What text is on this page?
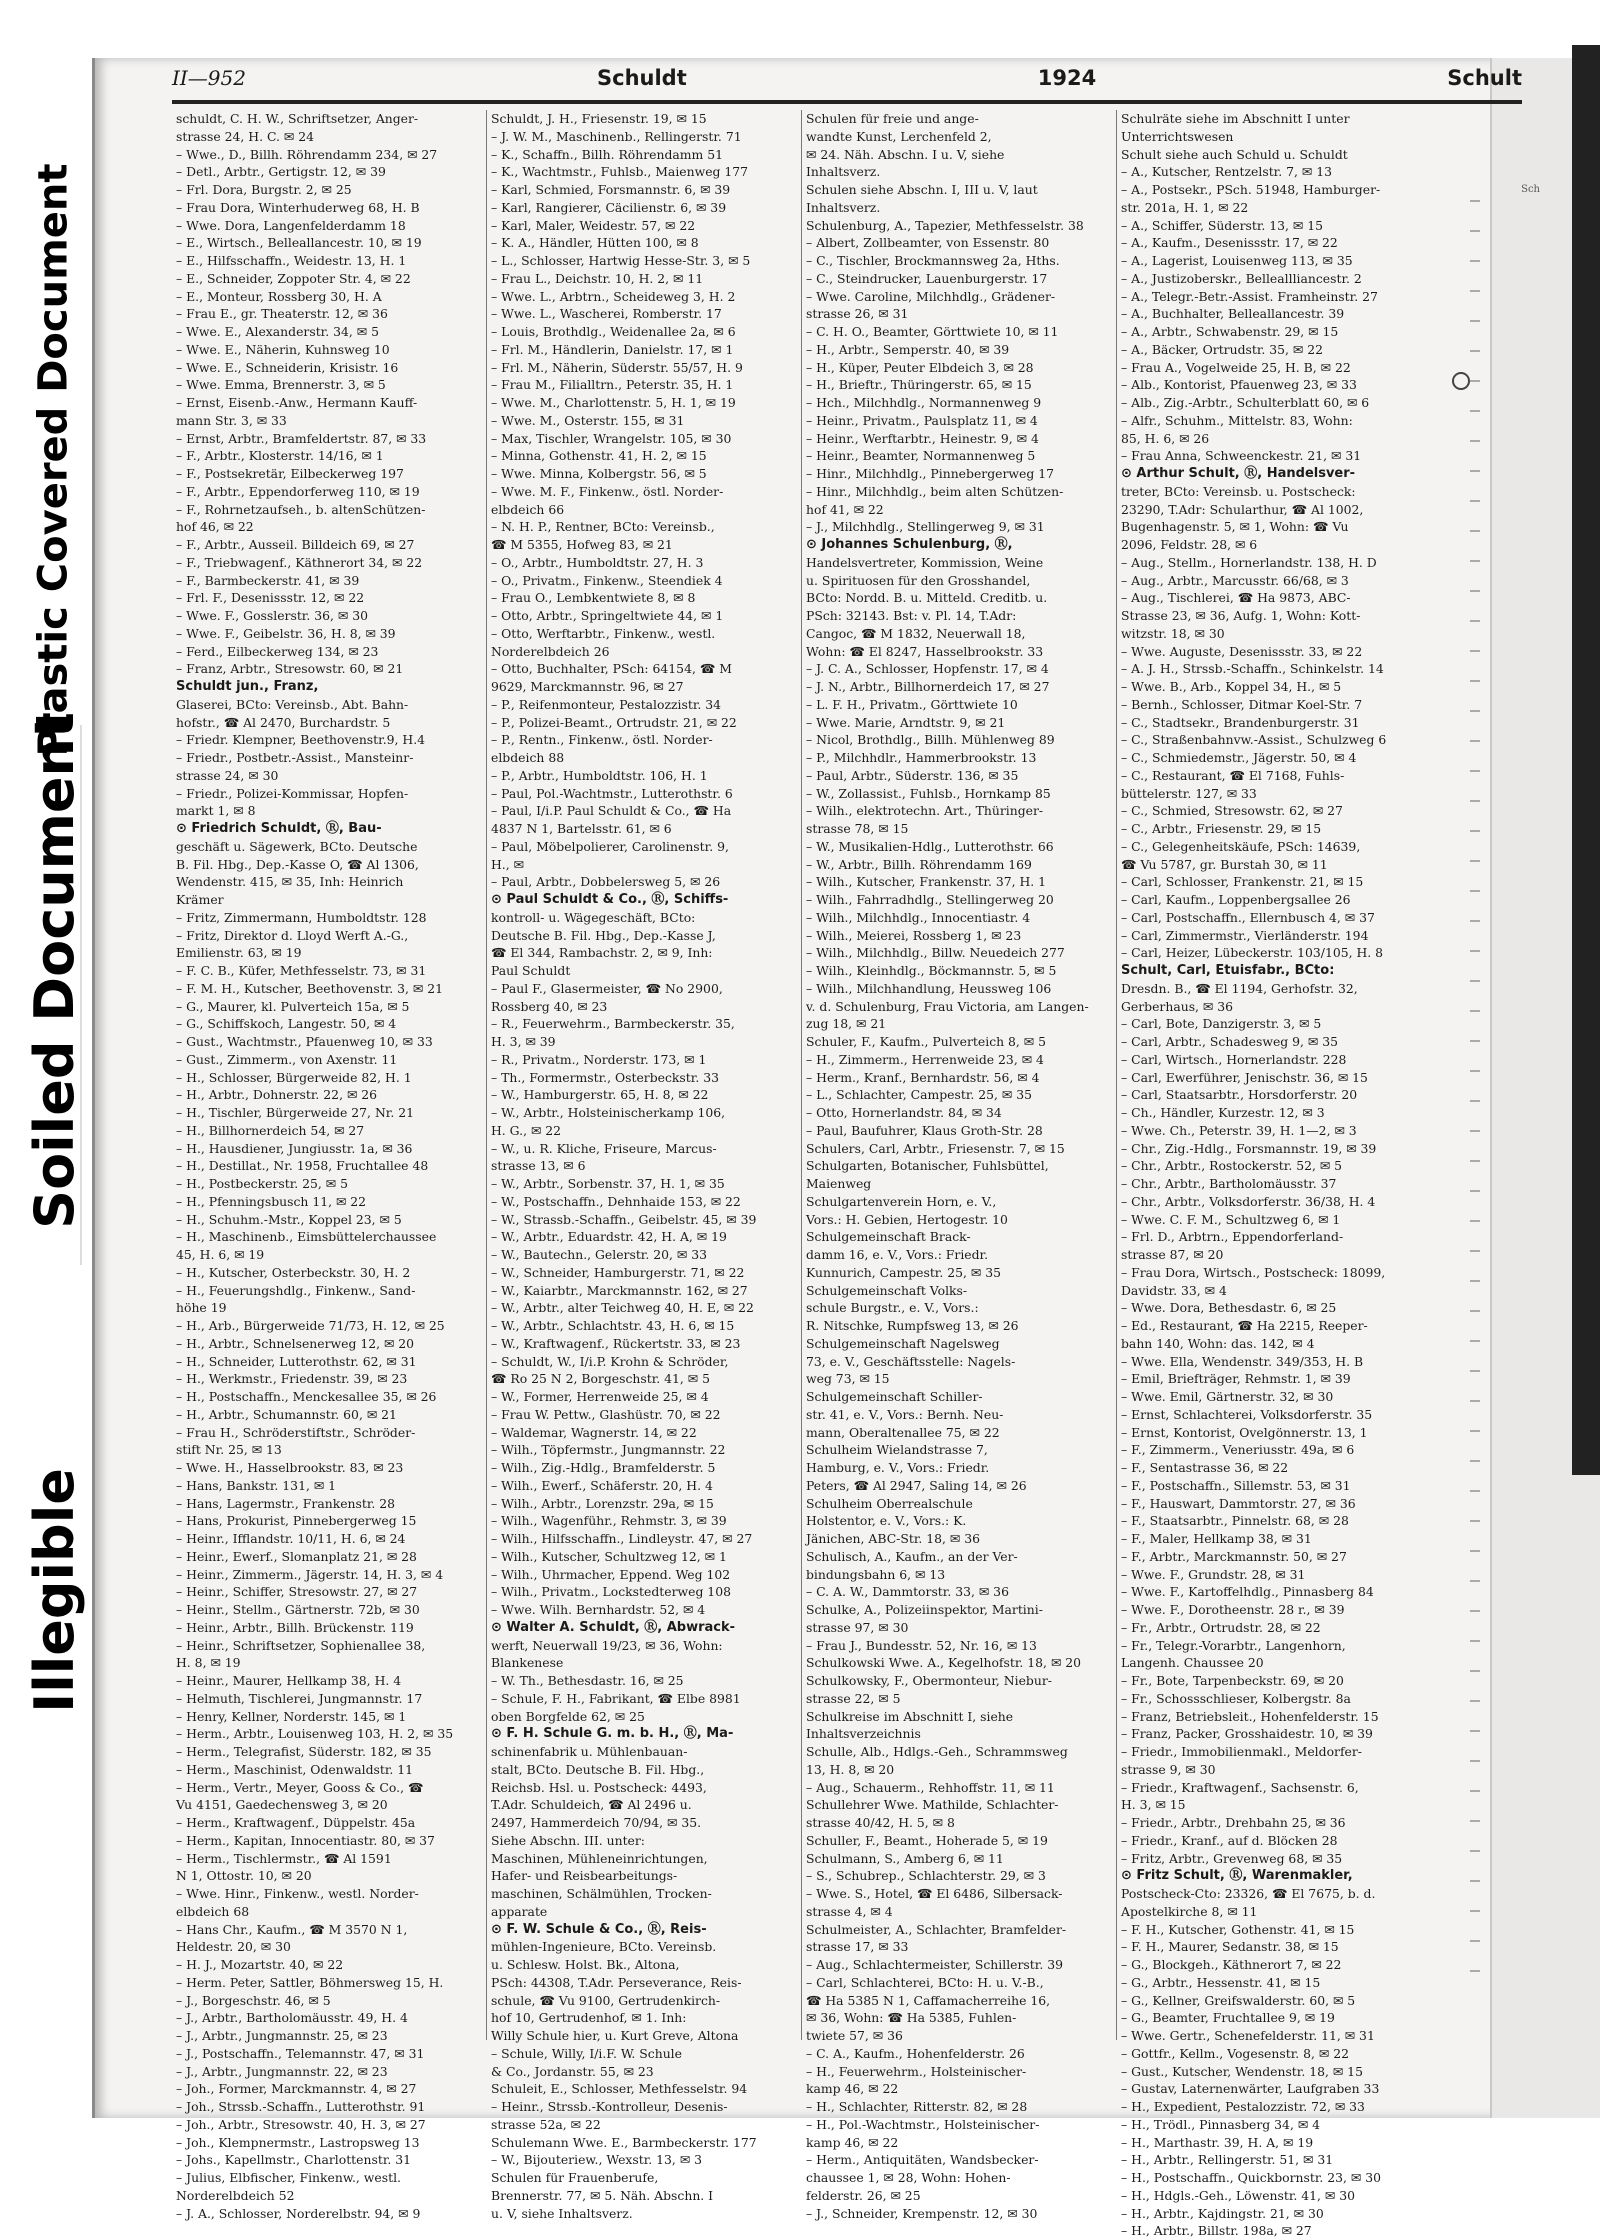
Plastic Covered Document
Soiled Document
Illegible
Sch
II—952	Schuldt	1924	Schult
schuldt, C. H. W., Schriftsetzer, Anger-
strasse 24, H. C. ✉ 24
– Wwe., D., Billh. Röhrendamm 234, ✉ 27
– Detl., Arbtr., Gertigstr. 12, ✉ 39
– Frl. Dora, Burgstr. 2, ✉ 25
– Frau Dora, Winterhuderweg 68, H. B
– Wwe. Dora, Langenfelderdamm 18
– E., Wirtsch., Belleallancestr. 10, ✉ 19
– E., Hilfsschaffn., Weidestr. 13, H. 1
– E., Schneider, Zoppoter Str. 4, ✉ 22
– E., Monteur, Rossberg 30, H. A
– Frau E., gr. Theaterstr. 12, ✉ 36
– Wwe. E., Alexanderstr. 34, ✉ 5
– Wwe. E., Näherin, Kuhnsweg 10
– Wwe. E., Schneiderin, Krisistr. 16
– Wwe. Emma, Brennerstr. 3, ✉ 5
– Ernst, Eisenb.-Anw., Hermann Kauff-
mann Str. 3, ✉ 33
– Ernst, Arbtr., Bramfeldertstr. 87, ✉ 33
– F., Arbtr., Klosterstr. 14/16, ✉ 1
– F., Postsekretär, Eilbeckerweg 197
– F., Arbtr., Eppendorferweg 110, ✉ 19
– F., Rohrnetzaufseh., b. altenSchützen-
hof 46, ✉ 22
– F., Arbtr., Ausseil. Billdeich 69, ✉ 27
– F., Triebwagenf., Käthnerort 34, ✉ 22
– F., Barmbeckerstr. 41, ✉ 39
– Frl. F., Desenissstr. 12, ✉ 22
– Wwe. F., Gosslerstr. 36, ✉ 30
– Wwe. F., Geibelstr. 36, H. 8, ✉ 39
– Ferd., Eilbeckerweg 134, ✉ 23
– Franz, Arbtr., Stresowstr. 60, ✉ 21
Schuldt jun., Franz,
Glaserei, BCto: Vereinsb., Abt. Bahn-
hofstr., ☎ Al 2470, Burchardstr. 5
– Friedr. Klempner, Beethovenstr.9, H.4
– Friedr., Postbetr.-Assist., Mansteinr-
strasse 24, ✉ 30
– Friedr., Polizei-Kommissar, Hopfen-
markt 1, ✉ 8
⊙ Friedrich Schuldt, Ⓡ, Bau-
geschäft u. Sägewerk, BCto. Deutsche
B. Fil. Hbg., Dep.-Kasse O, ☎ Al 1306,
Wendenstr. 415, ✉ 35, Inh: Heinrich
Krämer
– Fritz, Zimmermann, Humboldtstr. 128
– Fritz, Direktor d. Lloyd Werft A.-G.,
Emilienstr. 63, ✉ 19
– F. C. B., Küfer, Methfesselstr. 73, ✉ 31
– F. M. H., Kutscher, Beethovenstr. 3, ✉ 21
– G., Maurer, kl. Pulverteich 15a, ✉ 5
– G., Schiffskoch, Langestr. 50, ✉ 4
– Gust., Wachtmstr., Pfauenweg 10, ✉ 33
– Gust., Zimmerm., von Axenstr. 11
– H., Schlosser, Bürgerweide 82, H. 1
– H., Arbtr., Dohnerstr. 22, ✉ 26
– H., Tischler, Bürgerweide 27, Nr. 21
– H., Billhornerdeich 54, ✉ 27
– H., Hausdiener, Jungiusstr. 1a, ✉ 36
– H., Destillat., Nr. 1958, Fruchtallee 48
– H., Postbeckerstr. 25, ✉ 5
– H., Pfenningsbusch 11, ✉ 22
– H., Schuhm.-Mstr., Koppel 23, ✉ 5
– H., Maschinenb., Eimsbüttelerchaussee
45, H. 6, ✉ 19
– H., Kutscher, Osterbeckstr. 30, H. 2
– H., Feuerungshdlg., Finkenw., Sand-
höhe 19
– H., Arb., Bürgerweide 71/73, H. 12, ✉ 25
– H., Arbtr., Schnelsenerweg 12, ✉ 20
– H., Schneider, Lutterothstr. 62, ✉ 31
– H., Werkmstr., Friedenstr. 39, ✉ 23
– H., Postschaffn., Menckesallee 35, ✉ 26
– H., Arbtr., Schumannstr. 60, ✉ 21
– Frau H., Schröderstiftstr., Schröder-
stift Nr. 25, ✉ 13
– Wwe. H., Hasselbrookstr. 83, ✉ 23
– Hans, Bankstr. 131, ✉ 1
– Hans, Lagermstr., Frankenstr. 28
– Hans, Prokurist, Pinnebergerweg 15
– Heinr., Ifflandstr. 10/11, H. 6, ✉ 24
– Heinr., Ewerf., Slomanplatz 21, ✉ 28
– Heinr., Zimmerm., Jägerstr. 14, H. 3, ✉ 4
– Heinr., Schiffer, Stresowstr. 27, ✉ 27
– Heinr., Stellm., Gärtnerstr. 72b, ✉ 30
– Heinr., Arbtr., Billh. Brückenstr. 119
– Heinr., Schriftsetzer, Sophienallee 38,
H. 8, ✉ 19
– Heinr., Maurer, Hellkamp 38, H. 4
– Helmuth, Tischlerei, Jungmannstr. 17
– Henry, Kellner, Norderstr. 145, ✉ 1
– Herm., Arbtr., Louisenweg 103, H. 2, ✉ 35
– Herm., Telegrafist, Süderstr. 182, ✉ 35
– Herm., Maschinist, Odenwaldstr. 11
– Herm., Vertr., Meyer, Gooss & Co., ☎
Vu 4151, Gaedechensweg 3, ✉ 20
– Herm., Kraftwagenf., Düppelstr. 45a
– Herm., Kapitan, Innocentiastr. 80, ✉ 37
– Herm., Tischlermstr., ☎ Al 1591
N 1, Ottostr. 10, ✉ 20
– Wwe. Hinr., Finkenw., westl. Norder-
elbdeich 68
– Hans Chr., Kaufm., ☎ M 3570 N 1,
Heldestr. 20, ✉ 30
– H. J., Mozartstr. 40, ✉ 22
– Herm. Peter, Sattler, Böhmersweg 15, H.
– J., Borgeschstr. 46, ✉ 5
– J., Arbtr., Bartholomäusstr. 49, H. 4
– J., Arbtr., Jungmannstr. 25, ✉ 23
– J., Postschaffn., Telemannstr. 47, ✉ 31
– J., Arbtr., Jungmannstr. 22, ✉ 23
– Joh., Former, Marckmannstr. 4, ✉ 27
– Joh., Strssb.-Schaffn., Lutterothstr. 91
– Joh., Arbtr., Stresowstr. 40, H. 3, ✉ 27
– Joh., Klempnermstr., Lastropsweg 13
– Johs., Kapellmstr., Charlottenstr. 31
– Julius, Elbfischer, Finkenw., westl.
Norderelbdeich 52
– J. A., Schlosser, Norderelbstr. 94, ✉ 9
Schuldt, J. H., Friesenstr. 19, ✉ 15
– J. W. M., Maschinenb., Rellingerstr. 71
– K., Schaffn., Billh. Röhrendamm 51
– K., Wachtmstr., Fuhlsb., Maienweg 177
– Karl, Schmied, Forsmannstr. 6, ✉ 39
– Karl, Rangierer, Cäcilienstr. 6, ✉ 39
– Karl, Maler, Weidestr. 57, ✉ 22
– K. A., Händler, Hütten 100, ✉ 8
– L., Schlosser, Hartwig Hesse-Str. 3, ✉ 5
– Frau L., Deichstr. 10, H. 2, ✉ 11
– Wwe. L., Arbtrn., Scheideweg 3, H. 2
– Wwe. L., Wascherei, Romberstr. 17
– Louis, Brothdlg., Weidenallee 2a, ✉ 6
– Frl. M., Händlerin, Danielstr. 17, ✉ 1
– Frl. M., Näherin, Süderstr. 55/57, H. 9
– Frau M., Filialltrn., Peterstr. 35, H. 1
– Wwe. M., Charlottenstr. 5, H. 1, ✉ 19
– Wwe. M., Osterstr. 155, ✉ 31
– Max, Tischler, Wrangelstr. 105, ✉ 30
– Minna, Gothenstr. 41, H. 2, ✉ 15
– Wwe. Minna, Kolbergstr. 56, ✉ 5
– Wwe. M. F., Finkenw., östl. Norder-
elbdeich 66
– N. H. P., Rentner, BCto: Vereinsb.,
☎ M 5355, Hofweg 83, ✉ 21
– O., Arbtr., Humboldtstr. 27, H. 3
– O., Privatm., Finkenw., Steendiek 4
– Frau O., Lembkentwiete 8, ✉ 8
– Otto, Arbtr., Springeltwiete 44, ✉ 1
– Otto, Werftarbtr., Finkenw., westl.
Norderelbdeich 26
– Otto, Buchhalter, PSch: 64154, ☎ M
9629, Marckmannstr. 96, ✉ 27
– P., Reifenmonteur, Pestalozzistr. 34
– P., Polizei-Beamt., Ortrudstr. 21, ✉ 22
– P., Rentn., Finkenw., östl. Norder-
elbdeich 88
– P., Arbtr., Humboldtstr. 106, H. 1
– Paul, Pol.-Wachtmstr., Lutterothstr. 6
– Paul, I/i.P. Paul Schuldt & Co., ☎ Ha
4837 N 1, Bartelsstr. 61, ✉ 6
– Paul, Möbelpolierer, Carolinenstr. 9,
H., ✉
– Paul, Arbtr., Dobbelersweg 5, ✉ 26
⊙ Paul Schuldt & Co., Ⓡ, Schiffs-
kontroll- u. Wägegeschäft, BCto:
Deutsche B. Fil. Hbg., Dep.-Kasse J,
☎ El 344, Rambachstr. 2, ✉ 9, Inh:
Paul Schuldt
– Paul F., Glasermeister, ☎ No 2900,
Rossberg 40, ✉ 23
– R., Feuerwehrm., Barmbeckerstr. 35,
H. 3, ✉ 39
– R., Privatm., Norderstr. 173, ✉ 1
– Th., Formermstr., Osterbeckstr. 33
– W., Hamburgerstr. 65, H. 8, ✉ 22
– W., Arbtr., Holsteinischerkamp 106,
H. G., ✉ 22
– W., u. R. Kliche, Friseure, Marcus-
strasse 13, ✉ 6
– W., Arbtr., Sorbenstr. 37, H. 1, ✉ 35
– W., Postschaffn., Dehnhaide 153, ✉ 22
– W., Strassb.-Schaffn., Geibelstr. 45, ✉ 39
– W., Arbtr., Eduardstr. 42, H. A, ✉ 19
– W., Bautechn., Gelerstr. 20, ✉ 33
– W., Schneider, Hamburgerstr. 71, ✉ 22
– W., Kaiarbtr., Marckmannstr. 162, ✉ 27
– W., Arbtr., alter Teichweg 40, H. E, ✉ 22
– W., Arbtr., Schlachtstr. 43, H. 6, ✉ 15
– W., Kraftwagenf., Rückertstr. 33, ✉ 23
– Schuldt, W., I/i.P. Krohn & Schröder,
☎ Ro 25 N 2, Borgeschstr. 41, ✉ 5
– W., Former, Herrenweide 25, ✉ 4
– Frau W. Pettw., Glashüstr. 70, ✉ 22
– Waldemar, Wagnerstr. 14, ✉ 22
– Wilh., Töpfermstr., Jungmannstr. 22
– Wilh., Zig.-Hdlg., Bramfelderstr. 5
– Wilh., Ewerf., Schäferstr. 20, H. 4
– Wilh., Arbtr., Lorenzstr. 29a, ✉ 15
– Wilh., Wagenführ., Rehmstr. 3, ✉ 39
– Wilh., Hilfsschaffn., Lindleystr. 47, ✉ 27
– Wilh., Kutscher, Schultzweg 12, ✉ 1
– Wilh., Uhrmacher, Eppend. Weg 102
– Wilh., Privatm., Lockstedterweg 108
– Wwe. Wilh. Bernhardstr. 52, ✉ 4
⊙ Walter A. Schuldt, Ⓡ, Abwrack-
werft, Neuerwall 19/23, ✉ 36, Wohn:
Blankenese
– W. Th., Bethesdastr. 16, ✉ 25
– Schule, F. H., Fabrikant, ☎ Elbe 8981
oben Borgfelde 62, ✉ 25
⊙ F. H. Schule G. m. b. H., Ⓡ, Ma-
schinenfabrik u. Mühlenbauan-
stalt, BCto. Deutsche B. Fil. Hbg.,
Reichsb. Hsl. u. Postscheck: 4493,
T.Adr. Schuldeich, ☎ Al 2496 u.
2497, Hammerdeich 70/94, ✉ 35.
Siehe Abschn. III. unter:
Maschinen, Mühleneinrichtungen,
Hafer- und Reisbearbeitungs-
maschinen, Schälmühlen, Trocken-
apparate
⊙ F. W. Schule & Co., Ⓡ, Reis-
mühlen-Ingenieure, BCto. Vereinsb.
u. Schlesw. Holst. Bk., Altona,
PSch: 44308, T.Adr. Perseverance, Reis-
schule, ☎ Vu 9100, Gertrudenkirch-
hof 10, Gertrudenhof, ✉ 1. Inh:
Willy Schule hier, u. Kurt Greve, Altona
– Schule, Willy, I/i.F. W. Schule
& Co., Jordanstr. 55, ✉ 23
Schuleit, E., Schlosser, Methfesselstr. 94
– Heinr., Strssb.-Kontrolleur, Desenis-
strasse 52a, ✉ 22
Schulemann Wwe. E., Barmbeckerstr. 177
– W., Bijouteriew., Wexstr. 13, ✉ 3
Schulen für Frauenberufe,
Brennerstr. 77, ✉ 5. Näh. Abschn. I
u. V, siehe Inhaltsverz.
Schulen für freie und ange-
wandte Kunst, Lerchenfeld 2,
✉ 24. Näh. Abschn. I u. V, siehe
Inhaltsverz.
Schulen siehe Abschn. I, III u. V, laut
Inhaltsverz.
Schulenburg, A., Tapezier, Methfesselstr. 38
– Albert, Zollbeamter, von Essenstr. 80
– C., Tischler, Brockmannsweg 2a, Hths.
– C., Steindrucker, Lauenburgerstr. 17
– Wwe. Caroline, Milchhdlg., Grädener-
strasse 26, ✉ 31
– C. H. O., Beamter, Görttwiete 10, ✉ 11
– H., Arbtr., Semperstr. 40, ✉ 39
– H., Küper, Peuter Elbdeich 3, ✉ 28
– H., Brieftr., Thüringerstr. 65, ✉ 15
– Hch., Milchhdlg., Normannenweg 9
– Heinr., Privatm., Paulsplatz 11, ✉ 4
– Heinr., Werftarbtr., Heinestr. 9, ✉ 4
– Heinr., Beamter, Normannenweg 5
– Hinr., Milchhdlg., Pinnebergerweg 17
– Hinr., Milchhdlg., beim alten Schützen-
hof 41, ✉ 22
– J., Milchhdlg., Stellingerweg 9, ✉ 31
⊙ Johannes Schulenburg, Ⓡ,
Handelsvertreter, Kommission, Weine
u. Spirituosen für den Grosshandel,
BCto: Nordd. B. u. Mitteld. Creditb. u.
PSch: 32143. Bst: v. Pl. 14, T.Adr:
Cangoc, ☎ M 1832, Neuerwall 18,
Wohn: ☎ El 8247, Hasselbrookstr. 33
– J. C. A., Schlosser, Hopfenstr. 17, ✉ 4
– J. N., Arbtr., Billhornerdeich 17, ✉ 27
– L. F. H., Privatm., Görttwiete 10
– Wwe. Marie, Arndtstr. 9, ✉ 21
– Nicol, Brothdlg., Billh. Mühlenweg 89
– P., Milchhdlr., Hammerbrookstr. 13
– Paul, Arbtr., Süderstr. 136, ✉ 35
– W., Zollassist., Fuhlsb., Hornkamp 85
– Wilh., elektrotechn. Art., Thüringer-
strasse 78, ✉ 15
– W., Musikalien-Hdlg., Lutterothstr. 66
– W., Arbtr., Billh. Röhrendamm 169
– Wilh., Kutscher, Frankenstr. 37, H. 1
– Wilh., Fahrradhdlg., Stellingerweg 20
– Wilh., Milchhdlg., Innocentiastr. 4
– Wilh., Meierei, Rossberg 1, ✉ 23
– Wilh., Milchhdlg., Billw. Neuedeich 277
– Wilh., Kleinhdlg., Böckmannstr. 5, ✉ 5
– Wilh., Milchhandlung, Heussweg 106
v. d. Schulenburg, Frau Victoria, am Langen-
zug 18, ✉ 21
Schuler, F., Kaufm., Pulverteich 8, ✉ 5
– H., Zimmerm., Herrenweide 23, ✉ 4
– Herm., Kranf., Bernhardstr. 56, ✉ 4
– L., Schlachter, Campestr. 25, ✉ 35
– Otto, Hornerlandstr. 84, ✉ 34
– Paul, Baufuhrer, Klaus Groth-Str. 28
Schulers, Carl, Arbtr., Friesenstr. 7, ✉ 15
Schulgarten, Botanischer, Fuhlsbüttel,
Maienweg
Schulgartenverein Horn, e. V.,
Vors.: H. Gebien, Hertogestr. 10
Schulgemeinschaft Brack-
damm 16, e. V., Vors.: Friedr.
Kunnurich, Campestr. 25, ✉ 35
Schulgemeinschaft Volks-
schule Burgstr., e. V., Vors.:
R. Nitschke, Rumpfsweg 13, ✉ 26
Schulgemeinschaft Nagelsweg
73, e. V., Geschäftsstelle: Nagels-
weg 73, ✉ 15
Schulgemeinschaft Schiller-
str. 41, e. V., Vors.: Bernh. Neu-
mann, Oberaltenallee 75, ✉ 22
Schulheim Wielandstrasse 7,
Hamburg, e. V., Vors.: Friedr.
Peters, ☎ Al 2947, Saling 14, ✉ 26
Schulheim Oberrealschule
Holstentor, e. V., Vors.: K.
Jänichen, ABC-Str. 18, ✉ 36
Schulisch, A., Kaufm., an der Ver-
bindungsbahn 6, ✉ 13
– C. A. W., Dammtorstr. 33, ✉ 36
Schulke, A., Polizeiinspektor, Martini-
strasse 97, ✉ 30
– Frau J., Bundesstr. 52, Nr. 16, ✉ 13
Schulkowski Wwe. A., Kegelhofstr. 18, ✉ 20
Schulkowsky, F., Obermonteur, Niebur-
strasse 22, ✉ 5
Schulkreise im Abschnitt I, siehe
Inhaltsverzeichnis
Schulle, Alb., Hdlgs.-Geh., Schrammsweg
13, H. 8, ✉ 20
– Aug., Schauerm., Rehhoffstr. 11, ✉ 11
Schullehrer Wwe. Mathilde, Schlachter-
strasse 40/42, H. 5, ✉ 8
Schuller, F., Beamt., Hoherade 5, ✉ 19
Schulmann, S., Amberg 6, ✉ 11
– S., Schubrep., Schlachterstr. 29, ✉ 3
– Wwe. S., Hotel, ☎ El 6486, Silbersack-
strasse 4, ✉ 4
Schulmeister, A., Schlachter, Bramfelder-
strasse 17, ✉ 33
– Aug., Schlachtermeister, Schillerstr. 39
– Carl, Schlachterei, BCto: H. u. V.-B.,
☎ Ha 5385 N 1, Caffamacherreihe 16,
✉ 36, Wohn: ☎ Ha 5385, Fuhlen-
twiete 57, ✉ 36
– C. A., Kaufm., Hohenfelderstr. 26
– H., Feuerwehrm., Holsteinischer-
kamp 46, ✉ 22
– H., Schlachter, Ritterstr. 82, ✉ 28
– H., Pol.-Wachtmstr., Holsteinischer-
kamp 46, ✉ 22
– Herm., Antiquitäten, Wandsbecker-
chaussee 1, ✉ 28, Wohn: Hohen-
felderstr. 26, ✉ 25
– J., Schneider, Krempenstr. 12, ✉ 30
Schulräte siehe im Abschnitt I unter
Unterrichtswesen
Schult siehe auch Schuld u. Schuldt
– A., Kutscher, Rentzelstr. 7, ✉ 13
– A., Postsekr., PSch. 51948, Hamburger-
str. 201a, H. 1, ✉ 22
– A., Schiffer, Süderstr. 13, ✉ 15
– A., Kaufm., Desenissstr. 17, ✉ 22
– A., Lagerist, Louisenweg 113, ✉ 35
– A., Justizoberskr., Belleallliancestr. 2
– A., Telegr.-Betr.-Assist. Framheinstr. 27
– A., Buchhalter, Belleallancestr. 39
– A., Arbtr., Schwabenstr. 29, ✉ 15
– A., Bäcker, Ortrudstr. 35, ✉ 22
– Frau A., Vogelweide 25, H. B, ✉ 22
– Alb., Kontorist, Pfauenweg 23, ✉ 33
– Alb., Zig.-Arbtr., Schulterblatt 60, ✉ 6
– Alfr., Schuhm., Mittelstr. 83, Wohn:
85, H. 6, ✉ 26
– Frau Anna, Schweenckestr. 21, ✉ 31
⊙ Arthur Schult, Ⓡ, Handelsver-
treter, BCto: Vereinsb. u. Postscheck:
23290, T.Adr: Schularthur, ☎ Al 1002,
Bugenhagenstr. 5, ✉ 1, Wohn: ☎ Vu
2096, Feldstr. 28, ✉ 6
– Aug., Stellm., Hornerlandstr. 138, H. D
– Aug., Arbtr., Marcusstr. 66/68, ✉ 3
– Aug., Tischlerei, ☎ Ha 9873, ABC-
Strasse 23, ✉ 36, Aufg. 1, Wohn: Kott-
witzstr. 18, ✉ 30
– Wwe. Auguste, Desenissstr. 33, ✉ 22
– A. J. H., Strssb.-Schaffn., Schinkelstr. 14
– Wwe. B., Arb., Koppel 34, H., ✉ 5
– Bernh., Schlosser, Ditmar Koel-Str. 7
– C., Stadtsekr., Brandenburgerstr. 31
– C., Straßenbahnvw.-Assist., Schulzweg 6
– C., Schmiedemstr., Jägerstr. 50, ✉ 4
– C., Restaurant, ☎ El 7168, Fuhls-
büttelerstr. 127, ✉ 33
– C., Schmied, Stresowstr. 62, ✉ 27
– C., Arbtr., Friesenstr. 29, ✉ 15
– C., Gelegenheitskäufe, PSch: 14639,
☎ Vu 5787, gr. Burstah 30, ✉ 11
– Carl, Schlosser, Frankenstr. 21, ✉ 15
– Carl, Kaufm., Loppenbergsallee 26
– Carl, Postschaffn., Ellernbusch 4, ✉ 37
– Carl, Zimmermstr., Vierländerstr. 194
– Carl, Heizer, Lübeckerstr. 103/105, H. 8
Schult, Carl, Etuisfabr., BCto:
Dresdn. B., ☎ El 1194, Gerhofstr. 32,
Gerberhaus, ✉ 36
– Carl, Bote, Danzigerstr. 3, ✉ 5
– Carl, Arbtr., Schadesweg 9, ✉ 35
– Carl, Wirtsch., Hornerlandstr. 228
– Carl, Ewerführer, Jenischstr. 36, ✉ 15
– Carl, Staatsarbtr., Horsdorferstr. 20
– Ch., Händler, Kurzestr. 12, ✉ 3
– Wwe. Ch., Peterstr. 39, H. 1—2, ✉ 3
– Chr., Zig.-Hdlg., Forsmannstr. 19, ✉ 39
– Chr., Arbtr., Rostockerstr. 52, ✉ 5
– Chr., Arbtr., Bartholomäusstr. 37
– Chr., Arbtr., Volksdorferstr. 36/38, H. 4
– Wwe. C. F. M., Schultzweg 6, ✉ 1
– Frl. D., Arbtrn., Eppendorferland-
strasse 87, ✉ 20
– Frau Dora, Wirtsch., Postscheck: 18099,
Davidstr. 33, ✉ 4
– Wwe. Dora, Bethesdastr. 6, ✉ 25
– Ed., Restaurant, ☎ Ha 2215, Reeper-
bahn 140, Wohn: das. 142, ✉ 4
– Wwe. Ella, Wendenstr. 349/353, H. B
– Emil, Briefträger, Rehmstr. 1, ✉ 39
– Wwe. Emil, Gärtnerstr. 32, ✉ 30
– Ernst, Schlachterei, Volksdorferstr. 35
– Ernst, Kontorist, Ovelgönnerstr. 13, 1
– F., Zimmerm., Veneriusstr. 49a, ✉ 6
– F., Sentastrasse 36, ✉ 22
– F., Postschaffn., Sillemstr. 53, ✉ 31
– F., Hauswart, Dammtorstr. 27, ✉ 36
– F., Staatsarbtr., Pinnelstr. 68, ✉ 28
– F., Maler, Hellkamp 38, ✉ 31
– F., Arbtr., Marckmannstr. 50, ✉ 27
– Wwe. F., Grundstr. 28, ✉ 31
– Wwe. F., Kartoffelhdlg., Pinnasberg 84
– Wwe. F., Dorotheenstr. 28 r., ✉ 39
– Fr., Arbtr., Ortrudstr. 28, ✉ 22
– Fr., Telegr.-Vorarbtr., Langenhorn,
Langenh. Chaussee 20
– Fr., Bote, Tarpenbeckstr. 69, ✉ 20
– Fr., Schossschlieser, Kolbergstr. 8a
– Franz, Betriebsleit., Hohenfelderstr. 15
– Franz, Packer, Grosshaidestr. 10, ✉ 39
– Friedr., Immobilienmakl., Meldorfer-
strasse 9, ✉ 30
– Friedr., Kraftwagenf., Sachsenstr. 6,
H. 3, ✉ 15
– Friedr., Arbtr., Drehbahn 25, ✉ 36
– Friedr., Kranf., auf d. Blöcken 28
– Fritz, Arbtr., Grevenweg 68, ✉ 35
⊙ Fritz Schult, Ⓡ, Warenmakler,
Postscheck-Cto: 23326, ☎ El 7675, b. d.
Apostelkirche 8, ✉ 11
– F. H., Kutscher, Gothenstr. 41, ✉ 15
– F. H., Maurer, Sedanstr. 38, ✉ 15
– G., Blockgeh., Käthnerort 7, ✉ 22
– G., Arbtr., Hessenstr. 41, ✉ 15
– G., Kellner, Greifswalderstr. 60, ✉ 5
– G., Beamter, Fruchtallee 9, ✉ 19
– Wwe. Gertr., Schenefelderstr. 11, ✉ 31
– Gottfr., Kellm., Vogesenstr. 8, ✉ 22
– Gust., Kutscher, Wendenstr. 18, ✉ 15
– Gustav, Laternenwärter, Laufgraben 33
– H., Expedient, Pestalozzistr. 72, ✉ 33
– H., Trödl., Pinnasberg 34, ✉ 4
– H., Marthastr. 39, H. A, ✉ 19
– H., Arbtr., Rellingerstr. 51, ✉ 31
– H., Postschaffn., Quickbornstr. 23, ✉ 30
– H., Hdgls.-Geh., Löwenstr. 41, ✉ 30
– H., Arbtr., Kajdingstr. 21, ✉ 30
– H., Arbtr., Billstr. 198a, ✉ 27
